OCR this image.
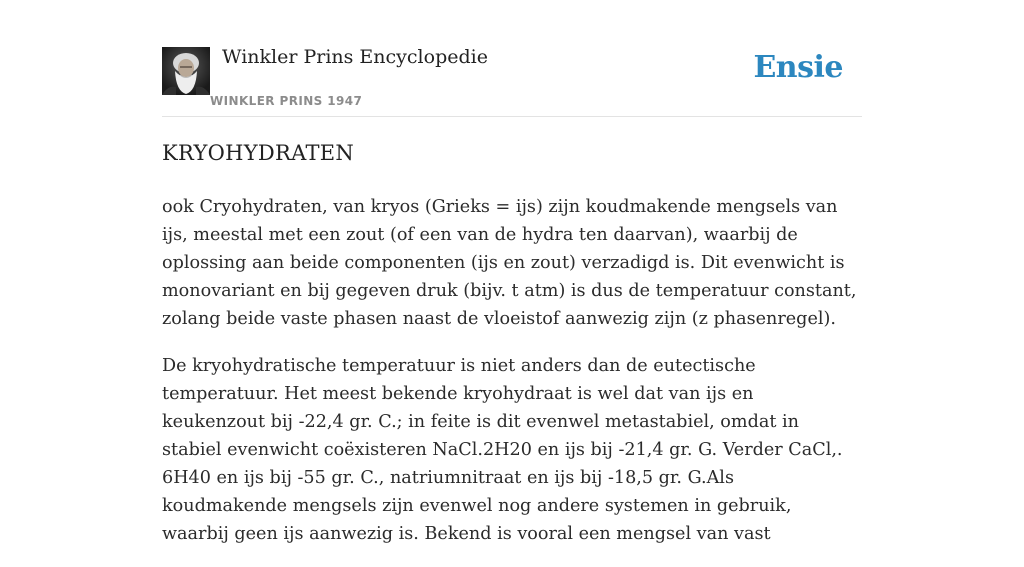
Winkler Prins Encyclopedie
WINKLER PRINS 1947
Ensie
KRYOHYDRATEN

ook Cryohydraten, van kryos (Grieks = ijs) zijn koudmakende mengsels van ijs, meestal met een zout (of een van de hydra ten daarvan), waarbij de oplossing aan beide componenten (ijs en zout) verzadigd is. Dit evenwicht is monovariant en bij gegeven druk (bijv. t atm) is dus de temperatuur constant, zolang beide vaste phasen naast de vloeistof aanwezig zijn (z phasenregel).

De kryohydratische temperatuur is niet anders dan de eutectische temperatuur. Het meest bekende kryohydraat is wel dat van ijs en keukenzout bij -22,4 gr. C.; in feite is dit evenwel metastabiel, omdat in stabiel evenwicht coëxisteren NaCl.2H20 en ijs bij -21,4 gr. G. Verder CaCl,. 6H40 en ijs bij -55 gr. C., natriumnitraat en ijs bij -18,5 gr. G.Als koudmakende mengsels zijn evenwel nog andere systemen in gebruik, waarbij geen ijs aanwezig is. Bekend is vooral een mengsel van vast
